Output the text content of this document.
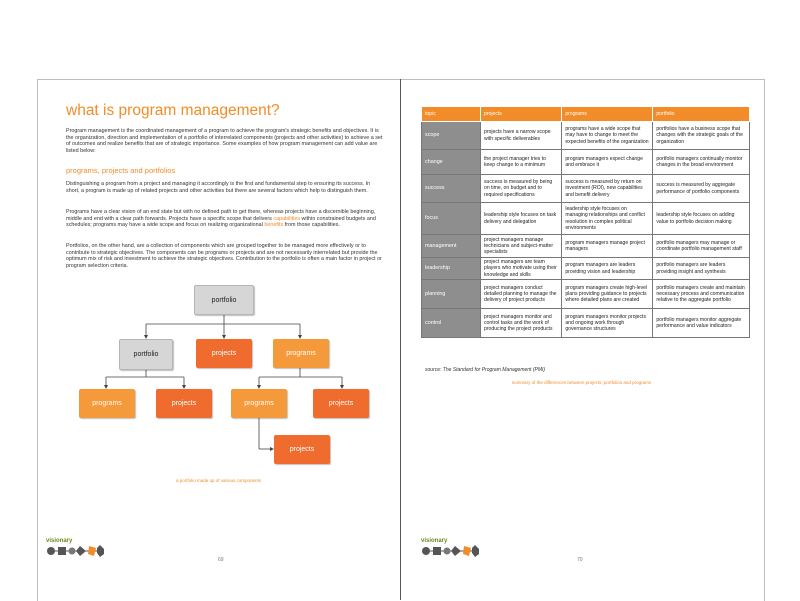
what is program management?

Program management is the coordinated management of a program to achieve the program's strategic benefits and objectives. It is the organization, direction and implementation of a portfolio of interrelated components (projects and other activities) to achieve a set of outcomes and realize benefits that are of strategic importance. Some examples of how program management can add value are listed below:

programs, projects and portfolios

Distinguishing a program from a project and managing it accordingly is the first and fundamental step to ensuring its success. In short, a program is made up of related projects and other activities but there are several factors which help to distinguish them.

Programs have a clear vision of an end state but with no defined path to get there, whereas projects have a discernible beginning, middle and end with a clear path forwards. Projects have a specific scope that delivers capabilities within constrained budgets and schedules; programs may have a wide scope and focus on realizing organizational benefits from those capabilities.

Portfolios, on the other hand, are a collection of components which are grouped together to be managed more effectively or to contribute to strategic objectives. The components can be programs or projects and are not necessarily interrelated but provide the optimum mix of risk and investment to achieve the strategic objectives. Contribution to the portfolio is often a main factor in project or program selection criteria.

portfolio
portfolio	projects	programs
programs	projects	programs	projects
projects
a portfolio made up of various components
visionary
69
topic	projects	programs	portfolio
scope	projects have a narrow scope with specific deliverables	programs have a wide scope that may have to change to meet the expected benefits of the organization	portfolios have a business scope that changes with the strategic goals of the organization
change	the project manager tries to keep change to a minimum	program managers expect change and embrace it	portfolio managers continually monitor changes in the broad environment
success	success is measured by being on time, on budget and to required specifications	success is measured by return on investment (ROI), new capabilities and benefit delivery	success is measured by aggregate performance of portfolio components
focus	leadership style focuses on task delivery and delegation	leadership style focuses on managing relationships and conflict resolution in complex political environments	leadership style focuses on adding value to portfolio decision making
management	project managers manage technicians and subject-matter specialists	program managers manage project managers	portfolio managers may manage or coordinate portfolio management staff
leadership	project managers are team players who motivate using their knowledge and skills	program managers are leaders providing vision and leadership	portfolio managers are leaders providing insight and synthesis
planning	project managers conduct detailed planning to manage the delivery of project products	program managers create high-level plans providing guidance to projects where detailed plans are created	portfolio managers create and maintain necessary process and communication relative to the aggregate portfolio
control	project managers monitor and control tasks and the work of producing the project products	program managers monitor projects and ongoing work through governance structures	portfolio managers monitor aggregate performance and value indicators
source: The Standard for Program Management (PMI)
summary of the differences between projects, portfolios and programs
visionary
70
